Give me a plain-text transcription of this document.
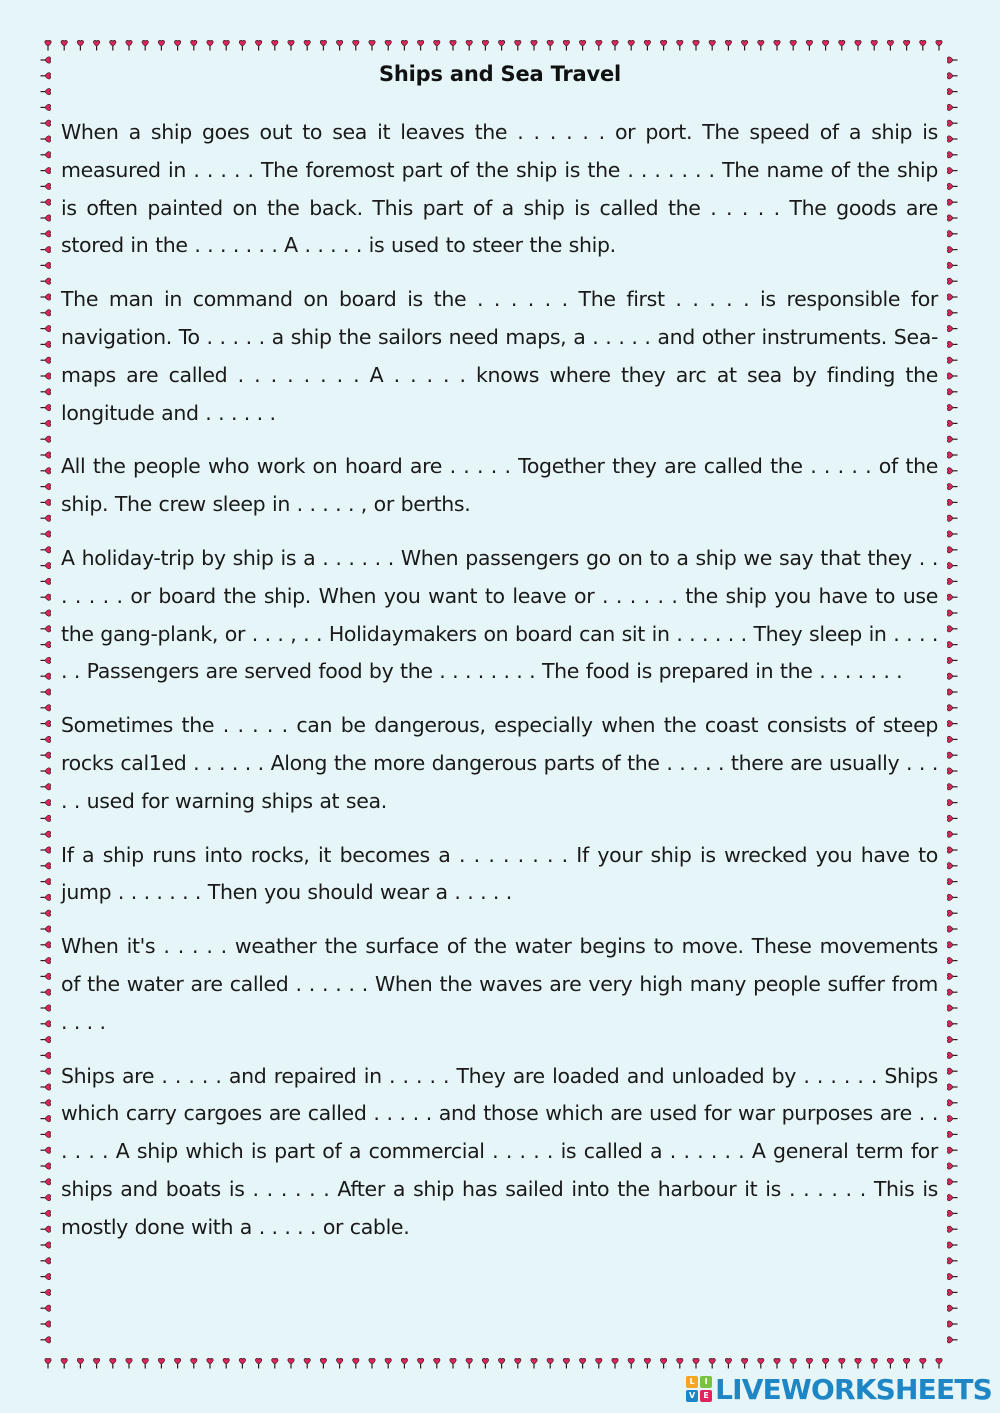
Ships and Sea Travel

When a ship goes out to sea it leaves the . . . . . . or port. The speed of a ship is measured in . . . . . The foremost part of the ship is the . . . . . . . The name of the ship is often painted on the back. This part of a ship is called the . . . . . The goods are stored in the . . . . . . . A . . . . . is used to steer the ship.

The man in command on board is the . . . . . . The first . . . . . is responsible for navigation. To . . . . . a ship the sailors need maps, a . . . . . and other instruments. Sea-maps are called . . . . . . . . A . . . . . knows where they arc at sea by finding the longitude and . . . . . .

All the people who work on hoard are . . . . . Together they are called the . . . . . of the ship. The crew sleep in . . . . . , or berths.

A holiday-trip by ship is a . . . . . . When passengers go on to a ship we say that they . . . . . . . or board the ship. When you want to leave or . . . . . . the ship you have to use the gang-plank, or . . . , . . Holidaymakers on board can sit in . . . . . . They sleep in . . . . . . Passengers are served food by the . . . . . . . . The food is prepared in the . . . . . . .

Sometimes the . . . . . can be dangerous, especially when the coast consists of steep rocks cal1ed . . . . . . Along the more dangerous parts of the . . . . . there are usually . . . . . used for warning ships at sea.

If a ship runs into rocks, it becomes a . . . . . . . . If your ship is wrecked you have to jump . . . . . . . Then you should wear a . . . . .

When it's . . . . . weather the surface of the water begins to move. These movements of the water are called . . . . . . When the waves are very high many people suffer from . . . .

Ships are . . . . . and repaired in . . . . . They are loaded and unloaded by . . . . . . Ships which carry cargoes are called . . . . . and those which are used for war purposes are . . . . . . A ship which is part of a commercial . . . . . is called a . . . . . . A general term for ships and boats is . . . . . . After a ship has sailed into the harbour it is . . . . . . This is mostly done with a . . . . . or cable.

L	I
V	E LIVEWORKSHEETS
